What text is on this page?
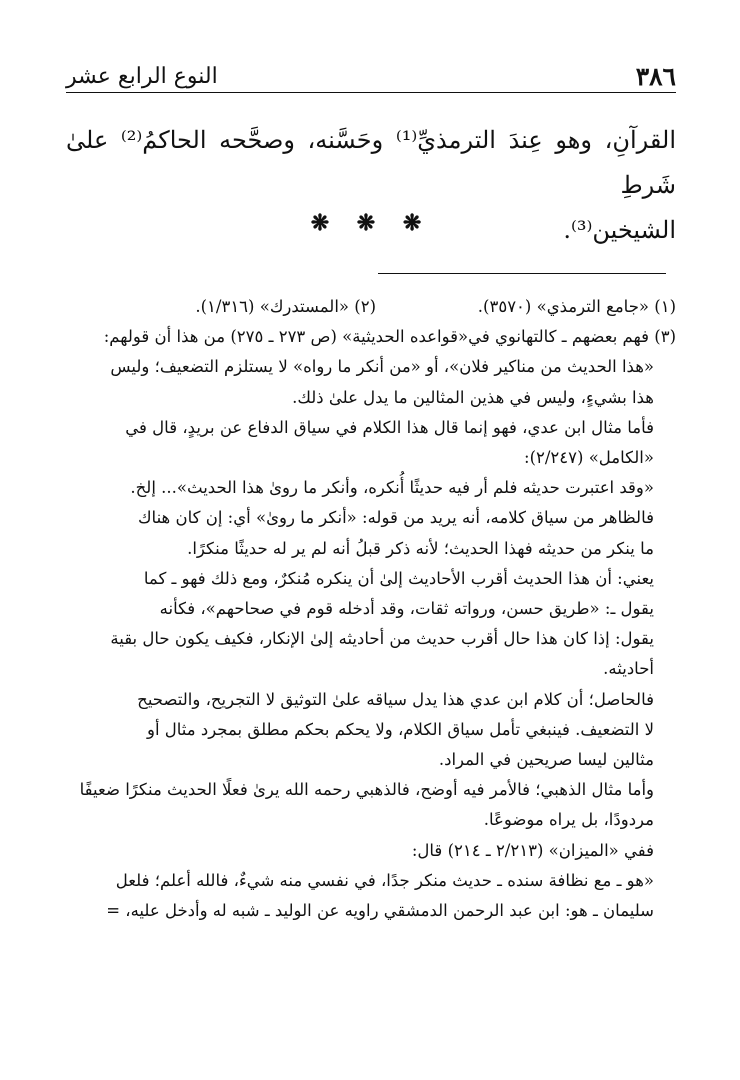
٣٨٦
النوع الرابع عشر

القرآنِ، وهو عِندَ الترمذيِّ⁽¹⁾ وحَسَّنه، وصحَّحه الحاكمُ⁽²⁾ علىٰ شَرطِ

الشيخين⁽³⁾.

❋ ❋ ❋
(١) «جامع الترمذي» (٣٥٧٠).
(٢) «المستدرك» (١/٣١٦).

(٣) فهم بعضهم ـ كالتهانوي في«قواعده الحديثية» (ص ٢٧٣ ـ ٢٧٥) من هذا أن قولهم:

«هذا الحديث من مناكير فلان»، أو «من أنكر ما رواه» لا يستلزم التضعيف؛ وليس

هذا بشيءٍ، وليس في هذين المثالين ما يدل علىٰ ذلك.

فأما مثال ابن عدي، فهو إنما قال هذا الكلام في سياق الدفاع عن بريدٍ، قال في

«الكامل» (٢/٢٤٧):

«وقد اعتبرت حديثه فلم أر فيه حديثًا أُنكره، وأنكر ما روىٰ هذا الحديث»... إلخ.

فالظاهر من سياق كلامه، أنه يريد من قوله: «أنكر ما روىٰ» أي: إن كان هناك

ما ينكر من حديثه فهذا الحديث؛ لأنه ذكر قبلُ أنه لم ير له حديثًا منكرًا.

يعني: أن هذا الحديث أقرب الأحاديث إلىٰ أن ينكره مُنكرٌ، ومع ذلك فهو ـ كما

يقول ـ: «طريق حسن، ورواته ثقات، وقد أدخله قوم في صحاحهم»، فكأنه

يقول: إذا كان هذا حال أقرب حديث من أحاديثه إلىٰ الإنكار، فكيف يكون حال بقية

أحاديثه.

فالحاصل؛ أن كلام ابن عدي هذا يدل سياقه علىٰ التوثيق لا التجريح، والتصحيح

لا التضعيف. فينبغي تأمل سياق الكلام، ولا يحكم بحكم مطلق بمجرد مثال أو

مثالين ليسا صريحين في المراد.

وأما مثال الذهبي؛ فالأمر فيه أوضح، فالذهبي رحمه الله يرىٰ فعلًا الحديث منكرًا ضعيفًا

مردودًا، بل يراه موضوعًا.

ففي «الميزان» (٢/٢١٣ ـ ٢١٤) قال:

«هو ـ مع نظافة سنده ـ حديث منكر جدًا، في نفسي منه شيءٌ، فالله أعلم؛ فلعل

سليمان ـ هو: ابن عبد الرحمن الدمشقي راويه عن الوليد ـ شبه له وأدخل عليه، =
